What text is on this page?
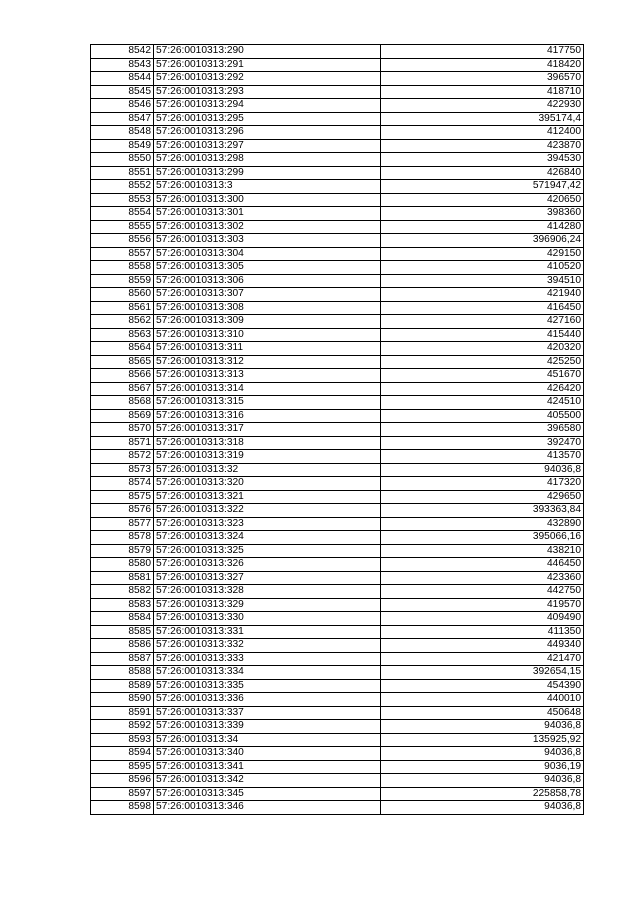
8542	57:26:0010313:290	417750
8543	57:26:0010313:291	418420
8544	57:26:0010313:292	396570
8545	57:26:0010313:293	418710
8546	57:26:0010313:294	422930
8547	57:26:0010313:295	395174,4
8548	57:26:0010313:296	412400
8549	57:26:0010313:297	423870
8550	57:26:0010313:298	394530
8551	57:26:0010313:299	426840
8552	57:26:0010313:3	571947,42
8553	57:26:0010313:300	420650
8554	57:26:0010313:301	398360
8555	57:26:0010313:302	414280
8556	57:26:0010313:303	396906,24
8557	57:26:0010313:304	429150
8558	57:26:0010313:305	410520
8559	57:26:0010313:306	394510
8560	57:26:0010313:307	421940
8561	57:26:0010313:308	416450
8562	57:26:0010313:309	427160
8563	57:26:0010313:310	415440
8564	57:26:0010313:311	420320
8565	57:26:0010313:312	425250
8566	57:26:0010313:313	451670
8567	57:26:0010313:314	426420
8568	57:26:0010313:315	424510
8569	57:26:0010313:316	405500
8570	57:26:0010313:317	396580
8571	57:26:0010313:318	392470
8572	57:26:0010313:319	413570
8573	57:26:0010313:32	94036,8
8574	57:26:0010313:320	417320
8575	57:26:0010313:321	429650
8576	57:26:0010313:322	393363,84
8577	57:26:0010313:323	432890
8578	57:26:0010313:324	395066,16
8579	57:26:0010313:325	438210
8580	57:26:0010313:326	446450
8581	57:26:0010313:327	423360
8582	57:26:0010313:328	442750
8583	57:26:0010313:329	419570
8584	57:26:0010313:330	409490
8585	57:26:0010313:331	411350
8586	57:26:0010313:332	449340
8587	57:26:0010313:333	421470
8588	57:26:0010313:334	392654,15
8589	57:26:0010313:335	454390
8590	57:26:0010313:336	440010
8591	57:26:0010313:337	450648
8592	57:26:0010313:339	94036,8
8593	57:26:0010313:34	135925,92
8594	57:26:0010313:340	94036,8
8595	57:26:0010313:341	9036,19
8596	57:26:0010313:342	94036,8
8597	57:26:0010313:345	225858,78
8598	57:26:0010313:346	94036,8
